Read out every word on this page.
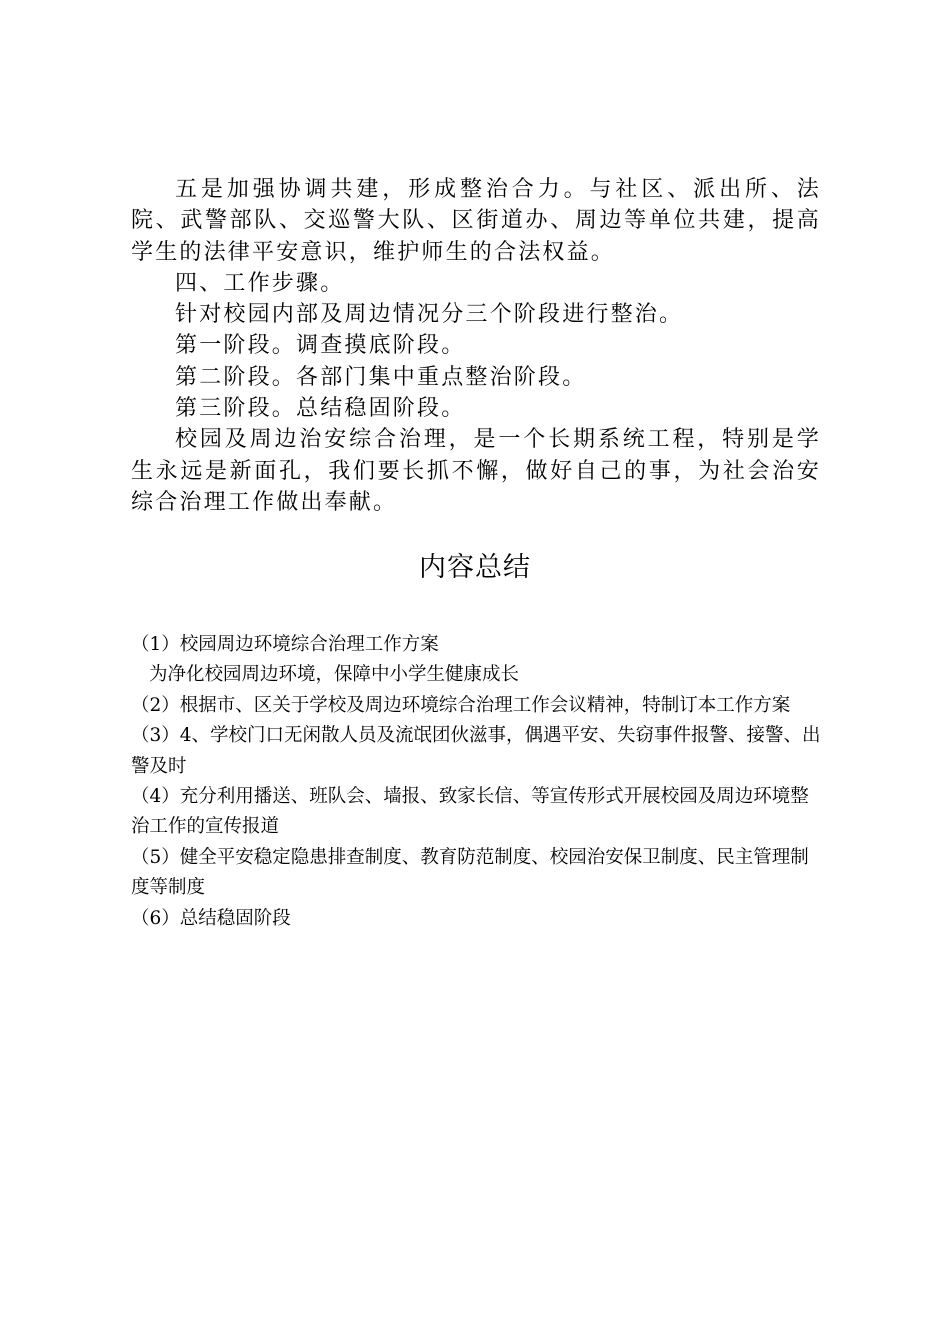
五是加强协调共建，形成整治合力。与社区、派出所、法院、武警部队、交巡警大队、区街道办、周边等单位共建，提高学生的法律平安意识，维护师生的合法权益。

四、工作步骤。

针对校园内部及周边情况分三个阶段进行整治。

第一阶段。调查摸底阶段。

第二阶段。各部门集中重点整治阶段。

第三阶段。总结稳固阶段。

校园及周边治安综合治理，是一个长期系统工程，特别是学生永远是新面孔，我们要长抓不懈，做好自己的事，为社会治安综合治理工作做出奉献。

内容总结

（1）校园周边环境综合治理工作方案

为净化校园周边环境，保障中小学生健康成长

（2）根据市、区关于学校及周边环境综合治理工作会议精神，特制订本工作方案

（3）4、学校门口无闲散人员及流氓团伙滋事，偶遇平安、失窃事件报警、接警、出警及时

（4）充分利用播送、班队会、墙报、致家长信、等宣传形式开展校园及周边环境整治工作的宣传报道

（5）健全平安稳定隐患排查制度、教育防范制度、校园治安保卫制度、民主管理制度等制度

（6）总结稳固阶段
